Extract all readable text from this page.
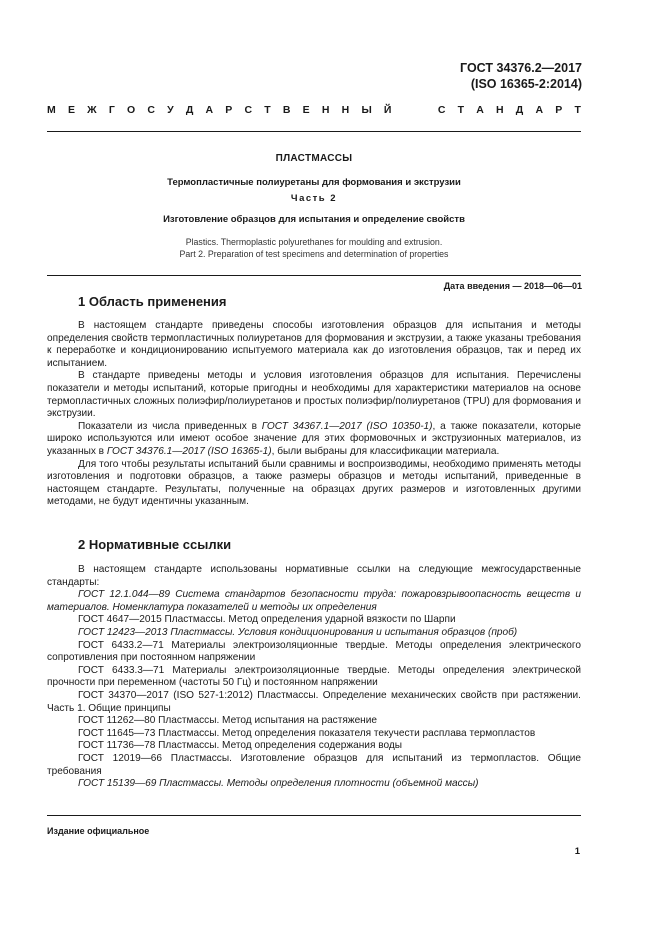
ГОСТ 34376.2—2017
(ISO 16365-2:2014)
М Е Ж Г О С У Д А Р С Т В Е Н Н Ы Й	С Т А Н Д А Р Т
ПЛАСТМАССЫ
Термопластичные полиуретаны для формования и экструзии
Часть 2
Изготовление образцов для испытания и определение свойств
Plastics. Thermoplastic polyurethanes for moulding and extrusion.
Part 2. Preparation of test specimens and determination of properties
Дата введения — 2018—06—01
1 Область применения

В настоящем стандарте приведены способы изготовления образцов для испытания и методы определения свойств термопластичных полиуретанов для формования и экструзии, а также указаны требования к переработке и кондиционированию испытуемого материала как до изготовления образцов, так и перед их испытанием.

В стандарте приведены методы и условия изготовления образцов для испытания. Перечислены показатели и методы испытаний, которые пригодны и необходимы для характеристики материалов на основе термопластичных сложных полиэфир/полиуретанов и простых полиэфир/полиуретанов (TPU) для формования и экструзии.

Показатели из числа приведенных в ГОСТ 34367.1—2017 (ISO 10350-1), а также показатели, которые широко используются или имеют особое значение для этих формовочных и экструзионных материалов, из указанных в ГОСТ 34376.1—2017 (ISO 16365-1), были выбраны для классификации материала.

Для того чтобы результаты испытаний были сравнимы и воспроизводимы, необходимо применять методы изготовления и подготовки образцов, а также размеры образцов и методы испытаний, приведенные в настоящем стандарте. Результаты, полученные на образцах других размеров и изготовленных другими методами, не будут идентичны указанным.

2 Нормативные ссылки

В настоящем стандарте использованы нормативные ссылки на следующие межгосударственные стандарты:

ГОСТ 12.1.044—89 Система стандартов безопасности труда: пожаровзрывоопасность веществ и материалов. Номенклатура показателей и методы их определения

ГОСТ 4647—2015 Пластмассы. Метод определения ударной вязкости по Шарпи

ГОСТ 12423—2013 Пластмассы. Условия кондиционирования и испытания образцов (проб)

ГОСТ 6433.2—71 Материалы электроизоляционные твердые. Методы определения электрического сопротивления при постоянном напряжении

ГОСТ 6433.3—71 Материалы электроизоляционные твердые. Методы определения электрической прочности при переменном (частоты 50 Гц) и постоянном напряжении

ГОСТ 34370—2017 (ISO 527-1:2012) Пластмассы. Определение механических свойств при растяжении. Часть 1. Общие принципы

ГОСТ 11262—80 Пластмассы. Метод испытания на растяжение

ГОСТ 11645—73 Пластмассы. Метод определения показателя текучести расплава термопластов

ГОСТ 11736—78 Пластмассы. Метод определения содержания воды

ГОСТ 12019—66 Пластмассы. Изготовление образцов для испытаний из термопластов. Общие требования

ГОСТ 15139—69 Пластмассы. Методы определения плотности (объемной массы)

Издание официальное
1
